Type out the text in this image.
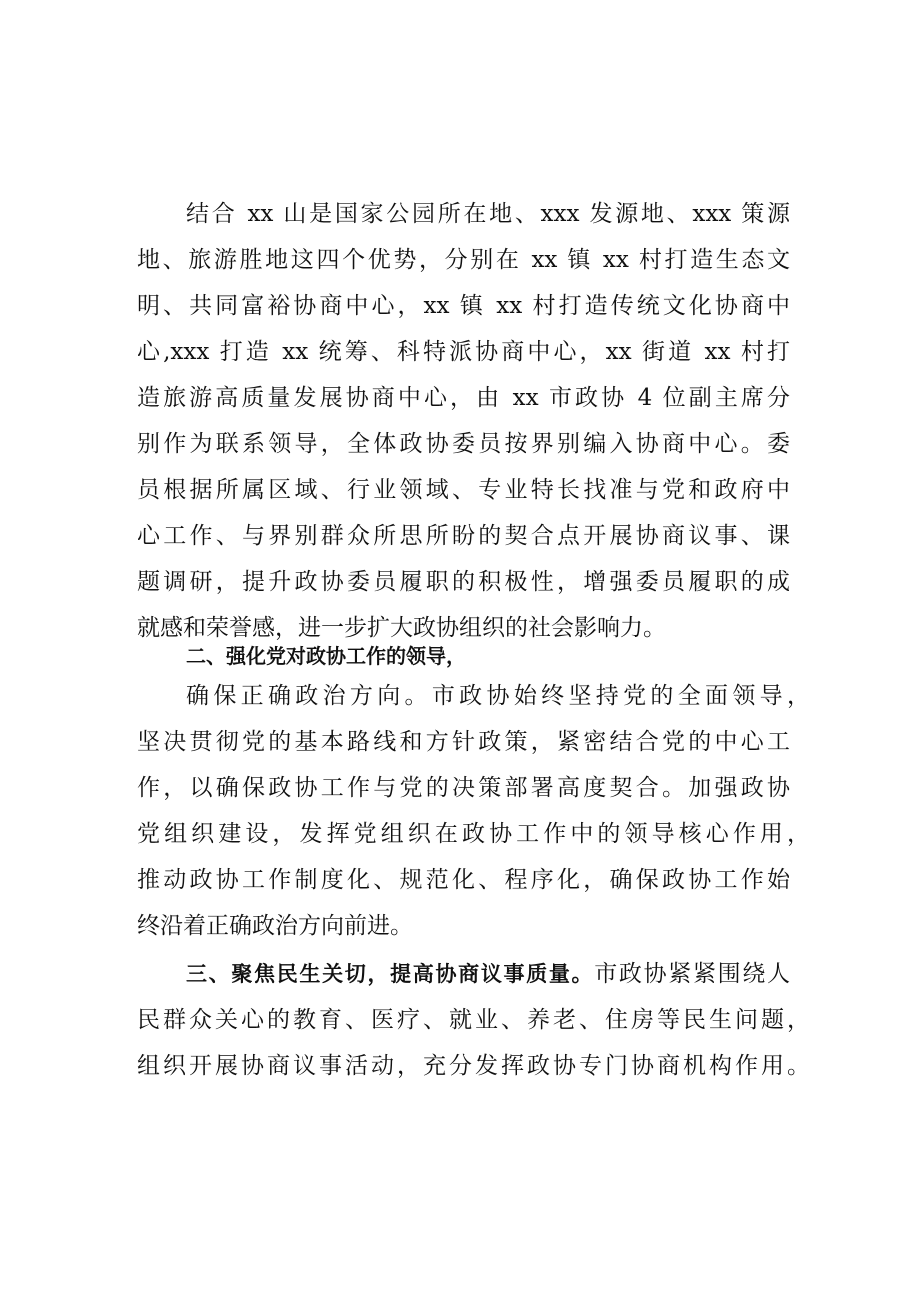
结合 xx 山是国家公园所在地、xxx 发源地、xxx 策源

地、旅游胜地这四个优势，分别在 xx 镇 xx 村打造生态文

明、共同富裕协商中心，xx 镇 xx 村打造传统文化协商中

心,xxx 打造 xx 统筹、科特派协商中心，xx 街道 xx 村打

造旅游高质量发展协商中心，由 xx 市政协 4 位副主席分

别作为联系领导，全体政协委员按界别编入协商中心。委

员根据所属区域、行业领域、专业特长找准与党和政府中

心工作、与界别群众所思所盼的契合点开展协商议事、课

题调研，提升政协委员履职的积极性，增强委员履职的成

就感和荣誉感，进一步扩大政协组织的社会影响力。

二、强化党对政协工作的领导，

确保正确政治方向。市政协始终坚持党的全面领导，

坚决贯彻党的基本路线和方针政策，紧密结合党的中心工

作，以确保政协工作与党的决策部署高度契合。加强政协

党组织建设，发挥党组织在政协工作中的领导核心作用，

推动政协工作制度化、规范化、程序化，确保政协工作始

终沿着正确政治方向前进。

三、聚焦民生关切，提高协商议事质量。市政协紧紧围绕人

民群众关心的教育、医疗、就业、养老、住房等民生问题，

组织开展协商议事活动，充分发挥政协专门协商机构作用。
